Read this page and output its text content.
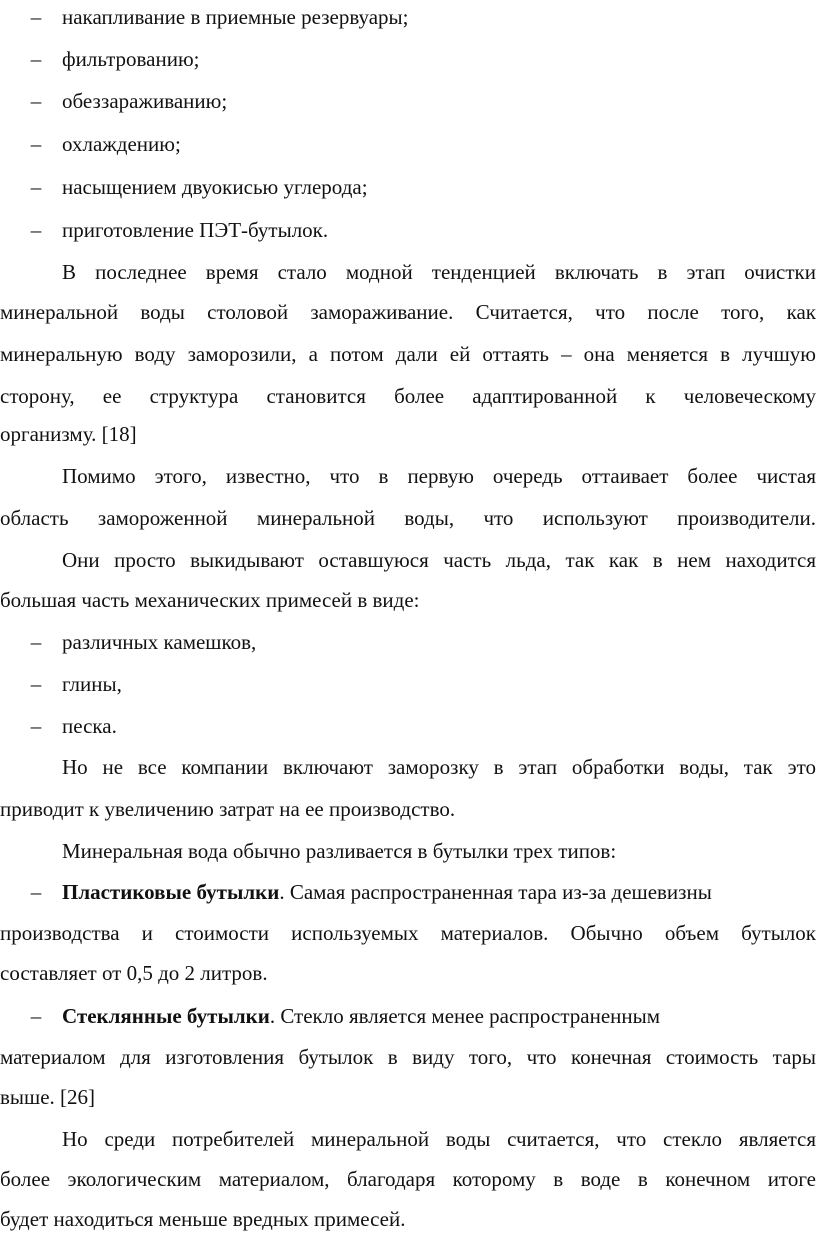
– накапливание в приемные резервуары;
– фильтрованию;
– обеззараживанию;
– охлаждению;
– насыщением двуокисью углерода;
– приготовление ПЭТ-бутылок.
В последнее время стало модной тенденцией включать в этап очистки
минеральной воды столовой замораживание. Считается, что после того, как
минеральную воду заморозили, а потом дали ей оттаять – она меняется в лучшую
сторону, ее структура становится более адаптированной к человеческому
организму. [18]
Помимо этого, известно, что в первую очередь оттаивает более чистая
область замороженной минеральной воды, что используют производители.
Они просто выкидывают оставшуюся часть льда, так как в нем находится
большая часть механических примесей в виде:
– различных камешков,
– глины,
– песка.
Но не все компании включают заморозку в этап обработки воды, так это
приводит к увеличению затрат на ее производство.
Минеральная вода обычно разливается в бутылки трех типов:
– Пластиковые бутылки. Самая распространенная тара из-за дешевизны
производства и стоимости используемых материалов. Обычно объем бутылок
составляет от 0,5 до 2 литров.
– Стеклянные бутылки. Стекло является менее распространенным
материалом для изготовления бутылок в виду того, что конечная стоимость тары
выше. [26]
Но среди потребителей минеральной воды считается, что стекло является
более экологическим материалом, благодаря которому в воде в конечном итоге
будет находиться меньше вредных примесей.
